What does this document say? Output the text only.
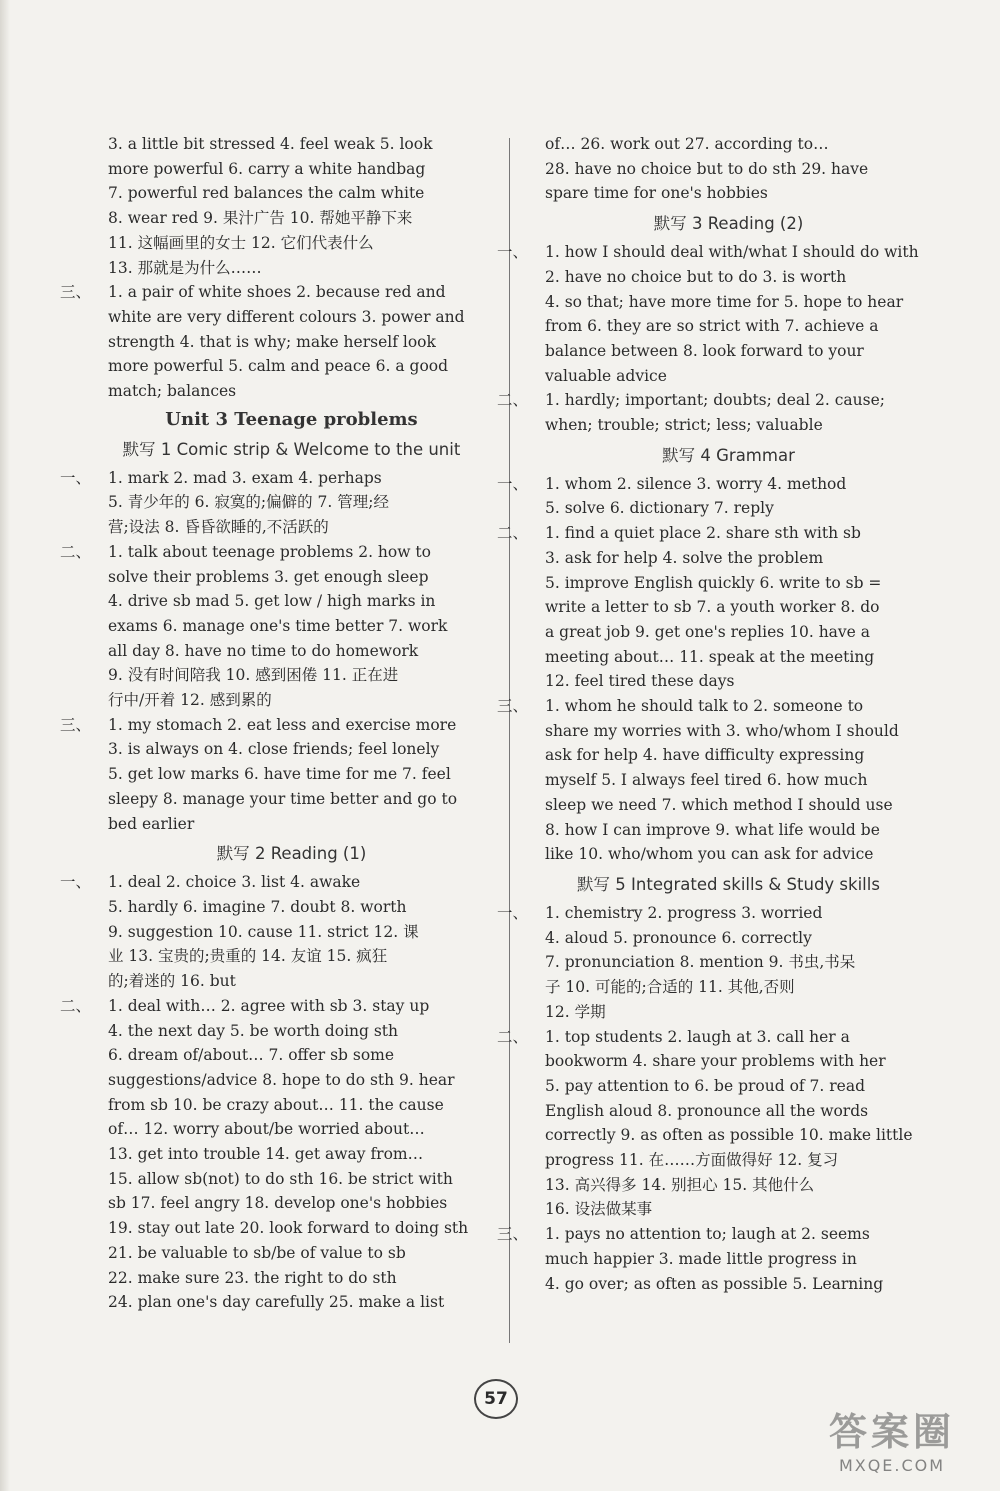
3. a little bit stressed 4. feel weak 5. look
more powerful 6. carry a white handbag
7. powerful red balances the calm white
8. wear red 9. 果汁广告 10. 帮她平静下来
11. 这幅画里的女士 12. 它们代表什么
13. 那就是为什么……
三、 1. a pair of white shoes 2. because red and
white are very different colours 3. power and
strength 4. that is why; make herself look
more powerful 5. calm and peace 6. a good
match; balances
Unit 3 Teenage problems
默写 1 Comic strip & Welcome to the unit
一、 1. mark 2. mad 3. exam 4. perhaps
5. 青少年的 6. 寂寞的;偏僻的 7. 管理;经
营;设法 8. 昏昏欲睡的,不活跃的
二、 1. talk about teenage problems 2. how to
solve their problems 3. get enough sleep
4. drive sb mad 5. get low / high marks in
exams 6. manage one's time better 7. work
all day 8. have no time to do homework
9. 没有时间陪我 10. 感到困倦 11. 正在进
行中/开着 12. 感到累的
三、 1. my stomach 2. eat less and exercise more
3. is always on 4. close friends; feel lonely
5. get low marks 6. have time for me 7. feel
sleepy 8. manage your time better and go to
bed earlier
默写 2 Reading (1)
一、 1. deal 2. choice 3. list 4. awake
5. hardly 6. imagine 7. doubt 8. worth
9. suggestion 10. cause 11. strict 12. 课
业 13. 宝贵的;贵重的 14. 友谊 15. 疯狂
的;着迷的 16. but
二、 1. deal with… 2. agree with sb 3. stay up
4. the next day 5. be worth doing sth
6. dream of/about… 7. offer sb some
suggestions/advice 8. hope to do sth 9. hear
from sb 10. be crazy about… 11. the cause
of… 12. worry about/be worried about…
13. get into trouble 14. get away from…
15. allow sb(not) to do sth 16. be strict with
sb 17. feel angry 18. develop one's hobbies
19. stay out late 20. look forward to doing sth
21. be valuable to sb/be of value to sb
22. make sure 23. the right to do sth
24. plan one's day carefully 25. make a list
of… 26. work out 27. according to…
28. have no choice but to do sth 29. have
spare time for one's hobbies
默写 3 Reading (2)
一、 1. how I should deal with/what I should do with
2. have no choice but to do 3. is worth
4. so that; have more time for 5. hope to hear
from 6. they are so strict with 7. achieve a
balance between 8. look forward to your
valuable advice
二、 1. hardly; important; doubts; deal 2. cause;
when; trouble; strict; less; valuable
默写 4 Grammar
一、 1. whom 2. silence 3. worry 4. method
5. solve 6. dictionary 7. reply
二、 1. find a quiet place 2. share sth with sb
3. ask for help 4. solve the problem
5. improve English quickly 6. write to sb =
write a letter to sb 7. a youth worker 8. do
a great job 9. get one's replies 10. have a
meeting about… 11. speak at the meeting
12. feel tired these days
三、 1. whom he should talk to 2. someone to
share my worries with 3. who/whom I should
ask for help 4. have difficulty expressing
myself 5. I always feel tired 6. how much
sleep we need 7. which method I should use
8. how I can improve 9. what life would be
like 10. who/whom you can ask for advice
默写 5 Integrated skills & Study skills
一、 1. chemistry 2. progress 3. worried
4. aloud 5. pronounce 6. correctly
7. pronunciation 8. mention 9. 书虫,书呆
子 10. 可能的;合适的 11. 其他,否则
12. 学期
二、 1. top students 2. laugh at 3. call her a
bookworm 4. share your problems with her
5. pay attention to 6. be proud of 7. read
English aloud 8. pronounce all the words
correctly 9. as often as possible 10. make little
progress 11. 在……方面做得好 12. 复习
13. 高兴得多 14. 别担心 15. 其他什么
16. 设法做某事
三、 1. pays no attention to; laugh at 2. seems
much happier 3. made little progress in
4. go over; as often as possible 5. Learning
57
答案圈
MXQE.COM
